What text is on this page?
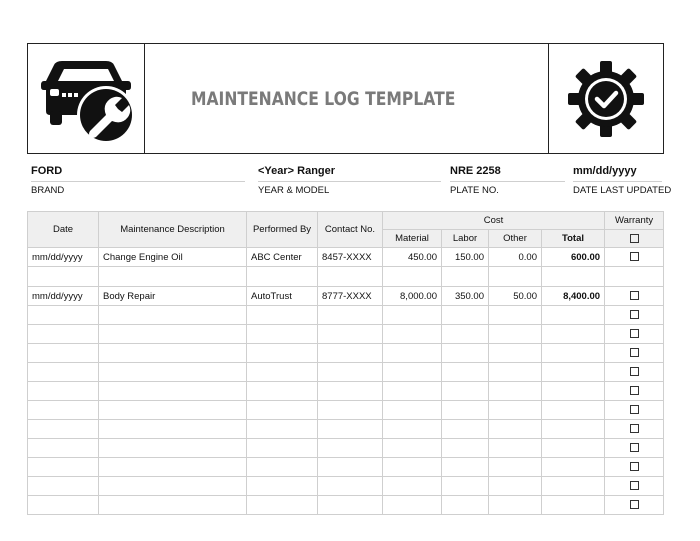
MAINTENANCE LOG TEMPLATE
FORD
BRAND
<Year> Ranger
YEAR & MODEL
NRE 2258
PLATE NO.
mm/dd/yyyy
DATE LAST UPDATED
Date	Maintenance Description	Performed By	Contact No.	Cost				Warranty
				Material	Labor	Other	Total	
mm/dd/yyyy	Change Engine Oil	ABC Center	8457-XXXX	450.00	150.00	0.00	600.00	

mm/dd/yyyy	Body Repair	AutoTrust	8777-XXXX	8,000.00	350.00	50.00	8,400.00	
